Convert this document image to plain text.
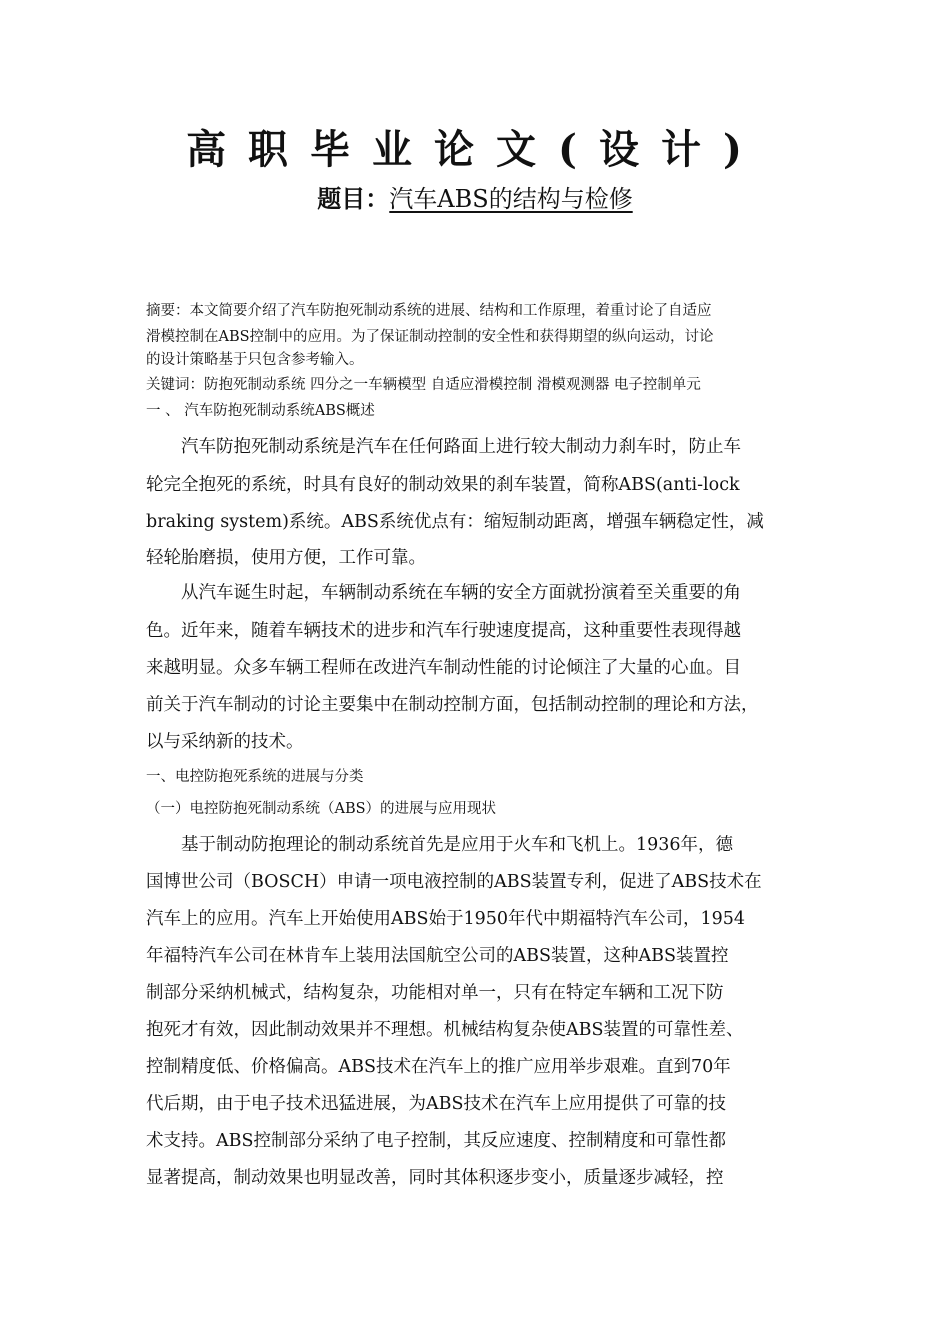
高职毕业论文(设计)
题目：汽车ABS的结构与检修
摘要：本文简要介绍了汽车防抱死制动系统的进展、结构和工作原理，着重讨论了自适应
滑模控制在ABS控制中的应用。为了保证制动控制的安全性和获得期望的纵向运动，讨论
的设计策略基于只包含参考输入。
关键词：防抱死制动系统 四分之一车辆模型 自适应滑模控制 滑模观测器 电子控制单元
一 、 汽车防抱死制动系统ABS概述
　　汽车防抱死制动系统是汽车在任何路面上进行较大制动力刹车时，防止车
轮完全抱死的系统，时具有良好的制动效果的刹车装置，简称ABS(anti-lock
braking system)系统。ABS系统优点有：缩短制动距离，增强车辆稳定性，减
轻轮胎磨损，使用方便，工作可靠。
　　从汽车诞生时起，车辆制动系统在车辆的安全方面就扮演着至关重要的角
色。近年来，随着车辆技术的进步和汽车行驶速度提高，这种重要性表现得越
来越明显。众多车辆工程师在改进汽车制动性能的讨论倾注了大量的心血。目
前关于汽车制动的讨论主要集中在制动控制方面，包括制动控制的理论和方法，
以与采纳新的技术。
一、电控防抱死系统的进展与分类
（一）电控防抱死制动系统（ABS）的进展与应用现状
　　基于制动防抱理论的制动系统首先是应用于火车和飞机上。1936年，德
国博世公司（BOSCH）申请一项电液控制的ABS装置专利，促进了ABS技术在
汽车上的应用。汽车上开始使用ABS始于1950年代中期福特汽车公司，1954
年福特汽车公司在林肯车上装用法国航空公司的ABS装置，这种ABS装置控
制部分采纳机械式，结构复杂，功能相对单一，只有在特定车辆和工况下防
抱死才有效，因此制动效果并不理想。机械结构复杂使ABS装置的可靠性差、
控制精度低、价格偏高。ABS技术在汽车上的推广应用举步艰难。直到70年
代后期，由于电子技术迅猛进展，为ABS技术在汽车上应用提供了可靠的技
术支持。ABS控制部分采纳了电子控制，其反应速度、控制精度和可靠性都
显著提高，制动效果也明显改善，同时其体积逐步变小，质量逐步减轻，控
